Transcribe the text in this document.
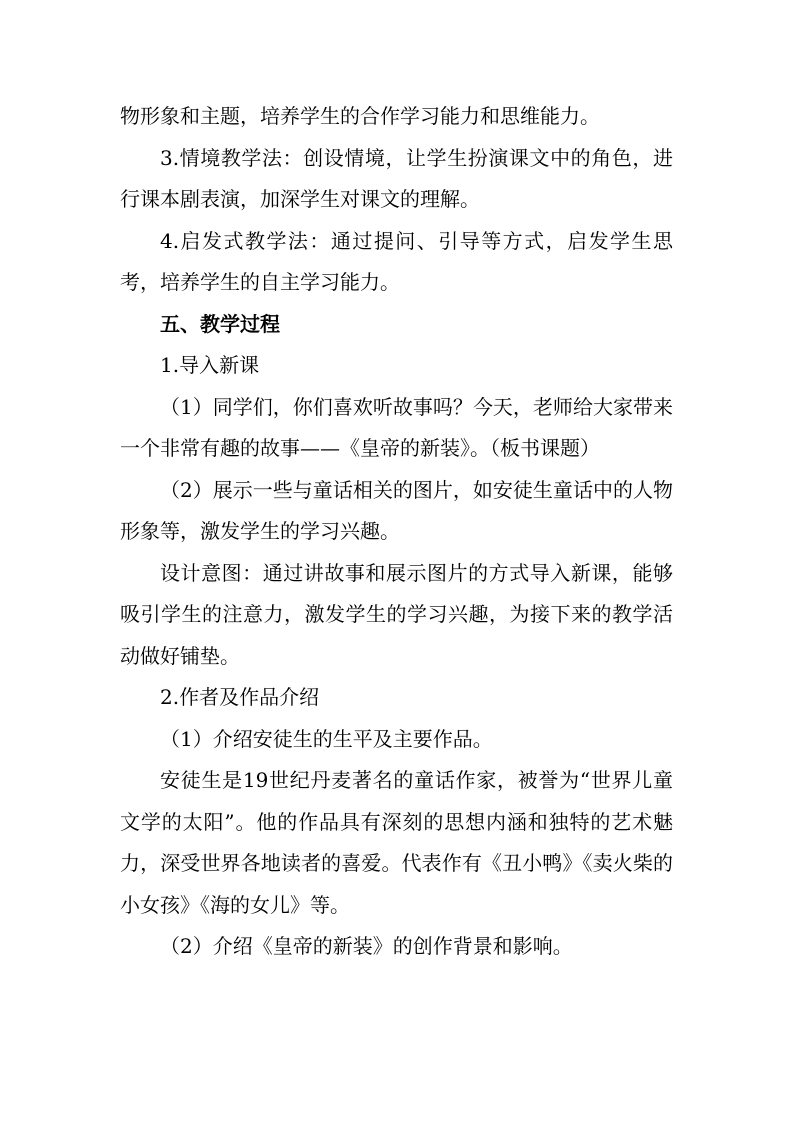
物形象和主题，培养学生的合作学习能力和思维能力。

3.情境教学法：创设情境，让学生扮演课文中的角色，进行课本剧表演，加深学生对课文的理解。

4.启发式教学法：通过提问、引导等方式，启发学生思考，培养学生的自主学习能力。

五、教学过程

1.导入新课

（1）同学们，你们喜欢听故事吗？今天，老师给大家带来一个非常有趣的故事——《皇帝的新装》。（板书课题）

（2）展示一些与童话相关的图片，如安徒生童话中的人物形象等，激发学生的学习兴趣。

设计意图：通过讲故事和展示图片的方式导入新课，能够吸引学生的注意力，激发学生的学习兴趣，为接下来的教学活动做好铺垫。

2.作者及作品介绍

（1）介绍安徒生的生平及主要作品。

安徒生是19世纪丹麦著名的童话作家，被誉为“世界儿童文学的太阳”。他的作品具有深刻的思想内涵和独特的艺术魅力，深受世界各地读者的喜爱。代表作有《丑小鸭》《卖火柴的小女孩》《海的女儿》等。

（2）介绍《皇帝的新装》的创作背景和影响。
